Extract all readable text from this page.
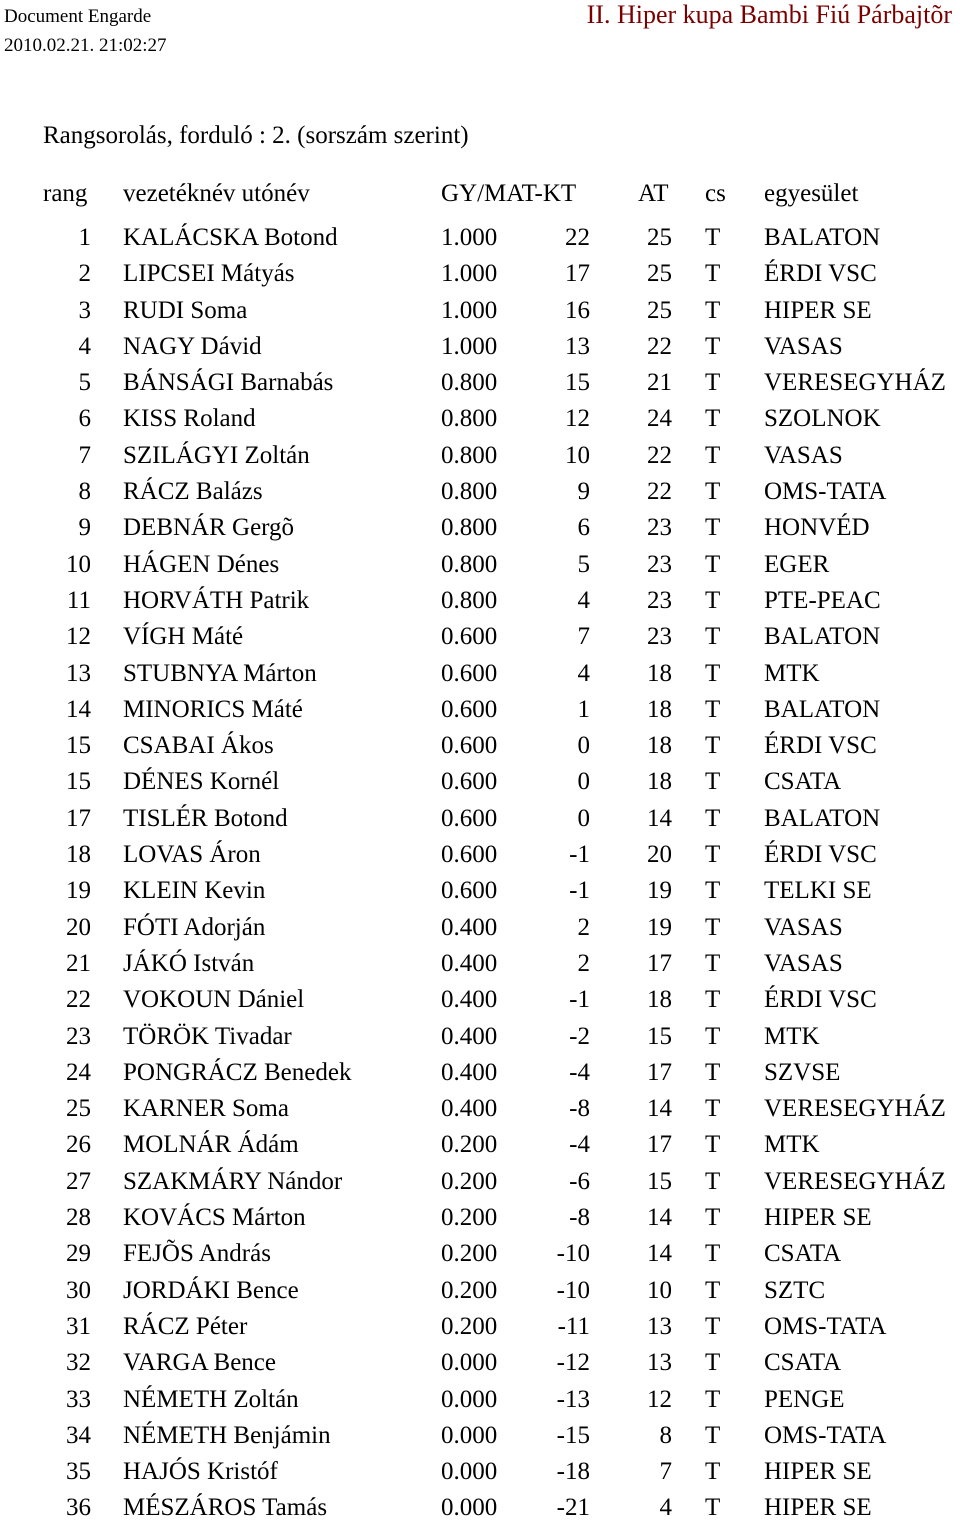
Document Engarde
2010.02.21. 21:02:27
II. Hiper kupa Bambi Fiú Párbajtõr
Rangsorolás, forduló : 2. (sorszám szerint)
rang vezetéknév utónév	GY/MAT-KT AT cs egyesület
1 KALÁCSKA Botond	1.000	22	25 T BALATON
2 LIPCSEI Mátyás	1.000	17	25 T ÉRDI VSC
3 RUDI Soma	1.000	16	25 T HIPER SE
4 NAGY Dávid	1.000	13	22 T VASAS
5 BÁNSÁGI Barnabás	0.800	15	21 T VERESEGYHÁZ
6 KISS Roland	0.800	12	24 T SZOLNOK
7 SZILÁGYI Zoltán	0.800	10	22 T VASAS
8 RÁCZ Balázs	0.800	9	22 T OMS-TATA
9 DEBNÁR Gergõ	0.800	6	23 T HONVÉD
10 HÁGEN Dénes	0.800	5	23 T EGER
11 HORVÁTH Patrik	0.800	4	23 T PTE-PEAC
12 VÍGH Máté	0.600	7	23 T BALATON
13 STUBNYA Márton	0.600	4	18 T MTK
14 MINORICS Máté	0.600	1	18 T BALATON
15 CSABAI Ákos	0.600	0	18 T ÉRDI VSC
15 DÉNES Kornél	0.600	0	18 T CSATA
17 TISLÉR Botond	0.600	0	14 T BALATON
18 LOVAS Áron	0.600	-1	20 T ÉRDI VSC
19 KLEIN Kevin	0.600	-1	19 T TELKI SE
20 FÓTI Adorján	0.400	2	19 T VASAS
21 JÁKÓ István	0.400	2	17 T VASAS
22 VOKOUN Dániel	0.400	-1	18 T ÉRDI VSC
23 TÖRÖK Tivadar	0.400	-2	15 T MTK
24 PONGRÁCZ Benedek	0.400	-4	17 T SZVSE
25 KARNER Soma	0.400	-8	14 T VERESEGYHÁZ
26 MOLNÁR Ádám	0.200	-4	17 T MTK
27 SZAKMÁRY Nándor	0.200	-6	15 T VERESEGYHÁZ
28 KOVÁCS Márton	0.200	-8	14 T HIPER SE
29 FEJÕS András	0.200	-10	14 T CSATA
30 JORDÁKI Bence	0.200	-10	10 T SZTC
31 RÁCZ Péter	0.200	-11	13 T OMS-TATA
32 VARGA Bence	0.000	-12	13 T CSATA
33 NÉMETH Zoltán	0.000	-13	12 T PENGE
34 NÉMETH Benjámin	0.000	-15	8 T OMS-TATA
35 HAJÓS Kristóf	0.000	-18	7 T HIPER SE
36 MÉSZÁROS Tamás	0.000	-21	4 T HIPER SE
